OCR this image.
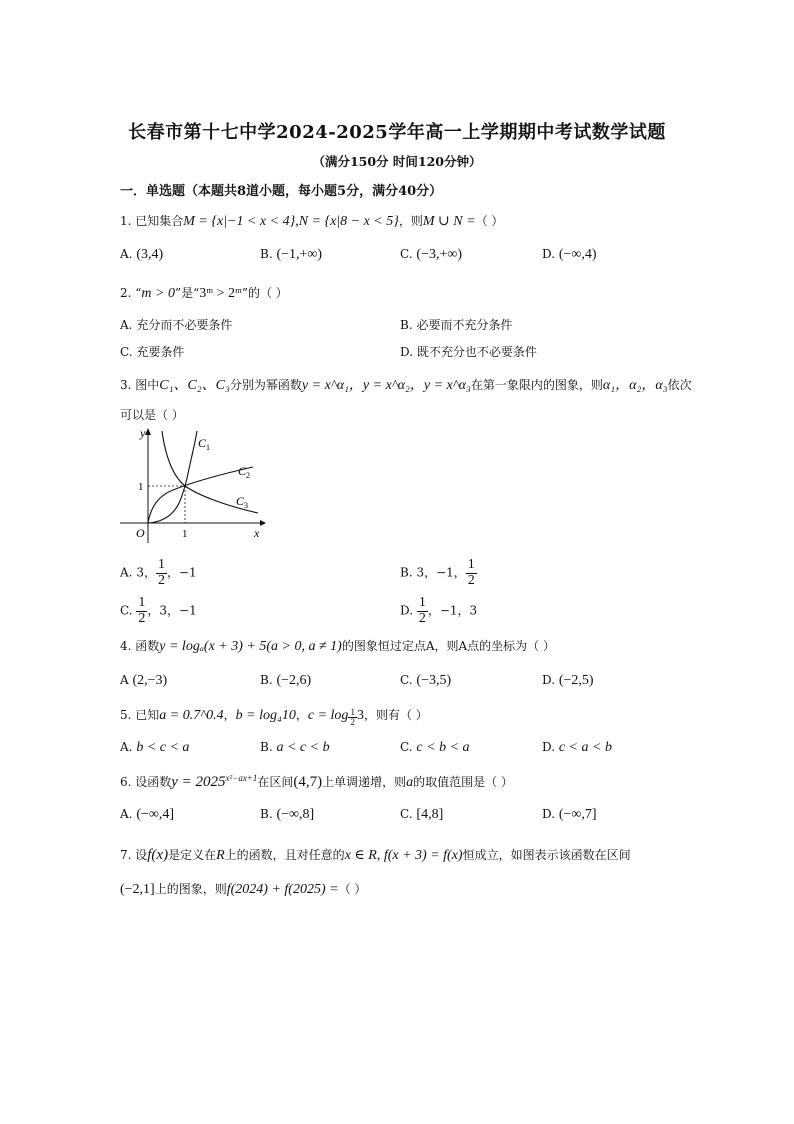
长春市第十七中学2024-2025学年高一上学期期中考试数学试题
（满分150分 时间120分钟）
一．单选题（本题共8道小题，每小题5分，满分40分）
1. 已知集合M = {x|−1 < x < 4},N = {x|8 − x < 5}，则M ∪ N =（ ）
A. (3,4)	B. (−1,+∞)	C. (−3,+∞)	D. (−∞,4)
2. “m > 0”是“3ᵐ > 2ᵐ”的（ ）
A. 充分而不必要条件	B. 必要而不充分条件
C. 充要条件	D. 既不充分也不必要条件
3. 图中C₁、C₂、C₃分别为幂函数y = x^α₁，y = x^α₂，y = x^α₃在第一象限内的图象，则α₁，α₂，α₃依次
可以是（ ）
y
x
O	1
1
$C_1$
$C_2$
$C_3$
A. 3， $\frac{1}{2}$ ，−1	B. 3，−1， $\frac{1}{2}$
C. $\frac{1}{2}$ ，3，−1	D. $\frac{1}{2}$ ，−1，3
4. 函数y = logₐ(x + 3) + 5(a > 0, a ≠ 1)的图象恒过定点A，则A点的坐标为（ ）
A (2,−3)	B. (−2,6)	C. (−3,5)	D. (−2,5)
5. 已知a = 0.7^0.4，b = log₄10，$c = \log \frac{1}{2} 3$，则有（ ）
A. b < c < a	B. a < c < b	C. c < b < a	D. c < a < b
6. 设函数$y = 2025^{x^2-ax+1}$在区间(4,7)上单调递增，则a的取值范围是（ ）
A. (−∞,4]	B. (−∞,8]	C. [4,8]	D. (−∞,7]
7. 设f(x)是定义在R上的函数，且对任意的x ∈ R, f(x + 3) = f(x)恒成立，如图表示该函数在区间
(−2,1]上的图象，则f(2024) + f(2025) =（ ）
